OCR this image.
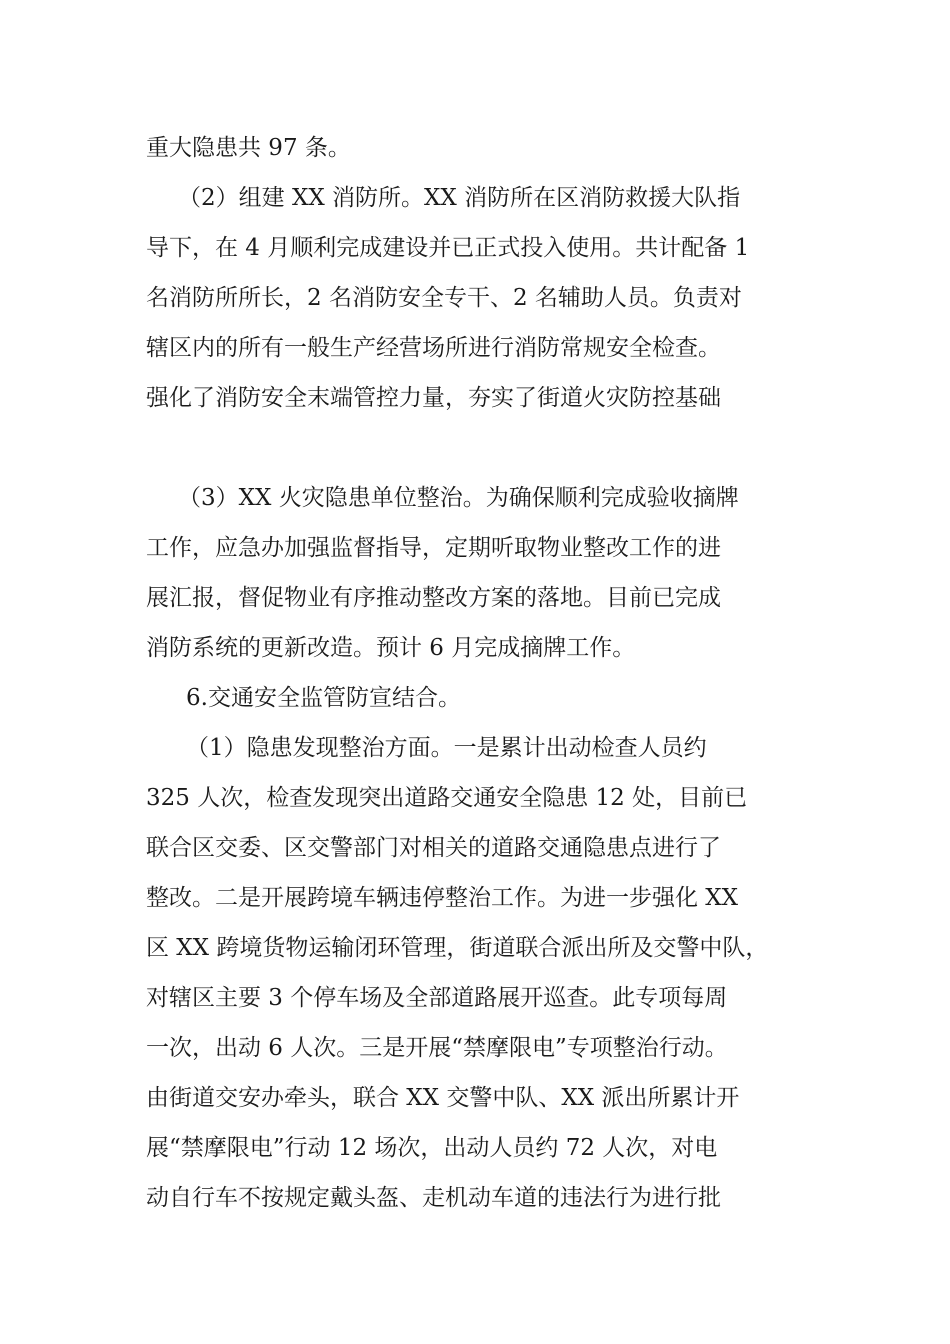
重大隐患共 97 条。
（2）组建 XX 消防所。XX 消防所在区消防救援大队指
导下，在 4 月顺利完成建设并已正式投入使用。共计配备 1
名消防所所长，2 名消防安全专干、2 名辅助人员。负责对
辖区内的所有一般生产经营场所进行消防常规安全检查。
强化了消防安全末端管控力量，夯实了街道火灾防控基础
（3）XX 火灾隐患单位整治。为确保顺利完成验收摘牌
工作，应急办加强监督指导，定期听取物业整改工作的进
展汇报，督促物业有序推动整改方案的落地。目前已完成
消防系统的更新改造。预计 6 月完成摘牌工作。
6.交通安全监管防宣结合。
（1）隐患发现整治方面。一是累计出动检查人员约
325 人次，检查发现突出道路交通安全隐患 12 处，目前已
联合区交委、区交警部门对相关的道路交通隐患点进行了
整改。二是开展跨境车辆违停整治工作。为进一步强化 XX
区 XX 跨境货物运输闭环管理，街道联合派出所及交警中队，
对辖区主要 3 个停车场及全部道路展开巡查。此专项每周
一次，出动 6 人次。三是开展“禁摩限电”专项整治行动。
由街道交安办牵头，联合 XX 交警中队、XX 派出所累计开
展“禁摩限电”行动 12 场次，出动人员约 72 人次，对电
动自行车不按规定戴头盔、走机动车道的违法行为进行批
